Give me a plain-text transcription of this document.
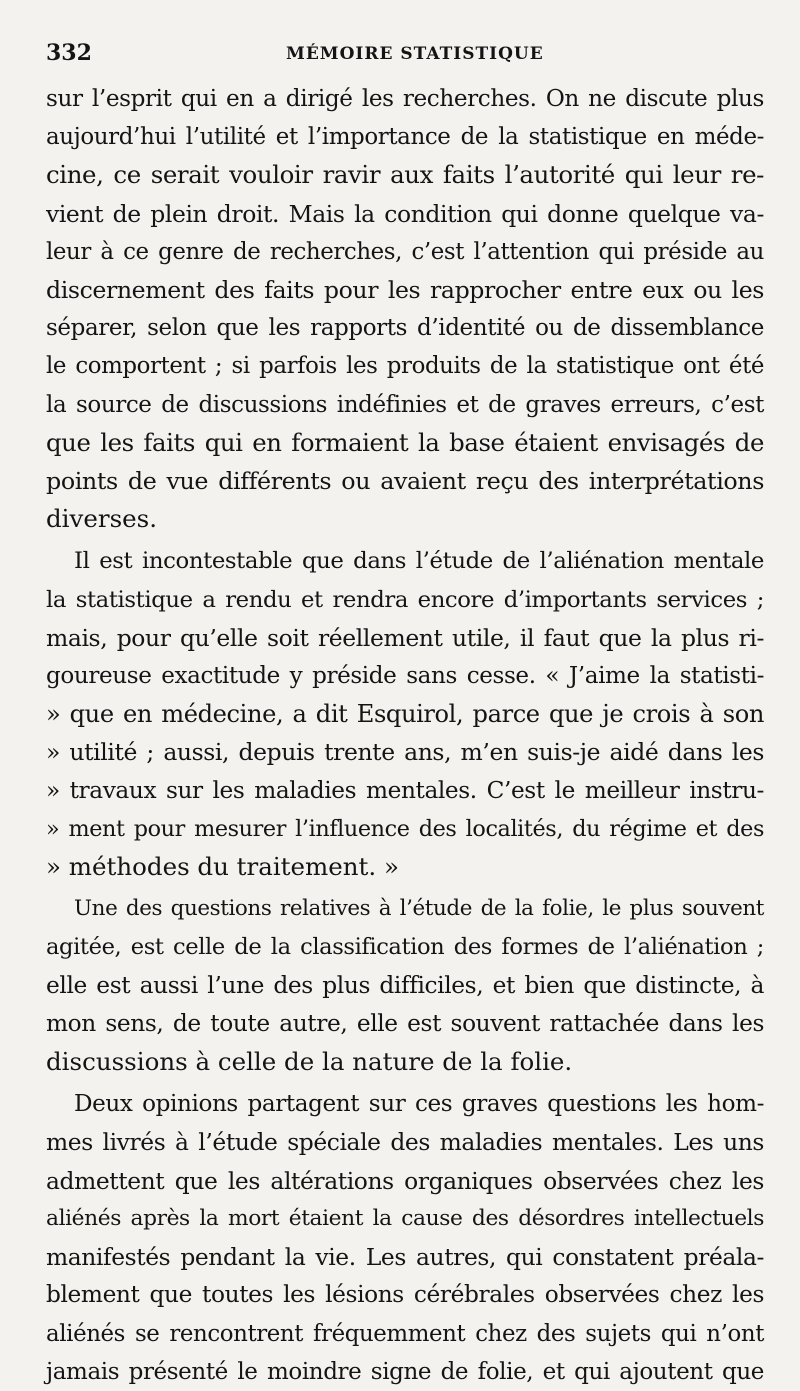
332	MÉMOIRE STATISTIQUE
sur l’esprit qui en a dirigé les recherches. On ne discute plus
aujourd’hui l’utilité et l’importance de la statistique en méde-
cine, ce serait vouloir ravir aux faits l’autorité qui leur re-
vient de plein droit. Mais la condition qui donne quelque va-
leur à ce genre de recherches, c’est l’attention qui préside au
discernement des faits pour les rapprocher entre eux ou les
séparer, selon que les rapports d’identité ou de dissemblance
le comportent ; si parfois les produits de la statistique ont été
la source de discussions indéfinies et de graves erreurs, c’est
que les faits qui en formaient la base étaient envisagés de
points de vue différents ou avaient reçu des interprétations
diverses.
Il est incontestable que dans l’étude de l’aliénation mentale
la statistique a rendu et rendra encore d’importants services ;
mais, pour qu’elle soit réellement utile, il faut que la plus ri-
goureuse exactitude y préside sans cesse. « J’aime la statisti-
» que en médecine, a dit Esquirol, parce que je crois à son
» utilité ; aussi, depuis trente ans, m’en suis-je aidé dans les
» travaux sur les maladies mentales. C’est le meilleur instru-
» ment pour mesurer l’influence des localités, du régime et des
» méthodes du traitement. »
Une des questions relatives à l’étude de la folie, le plus souvent
agitée, est celle de la classification des formes de l’aliénation ;
elle est aussi l’une des plus difficiles, et bien que distincte, à
mon sens, de toute autre, elle est souvent rattachée dans les
discussions à celle de la nature de la folie.
Deux opinions partagent sur ces graves questions les hom-
mes livrés à l’étude spéciale des maladies mentales. Les uns
admettent que les altérations organiques observées chez les
aliénés après la mort étaient la cause des désordres intellectuels
manifestés pendant la vie. Les autres, qui constatent préala-
blement que toutes les lésions cérébrales observées chez les
aliénés se rencontrent fréquemment chez des sujets qui n’ont
jamais présenté le moindre signe de folie, et qui ajoutent que
